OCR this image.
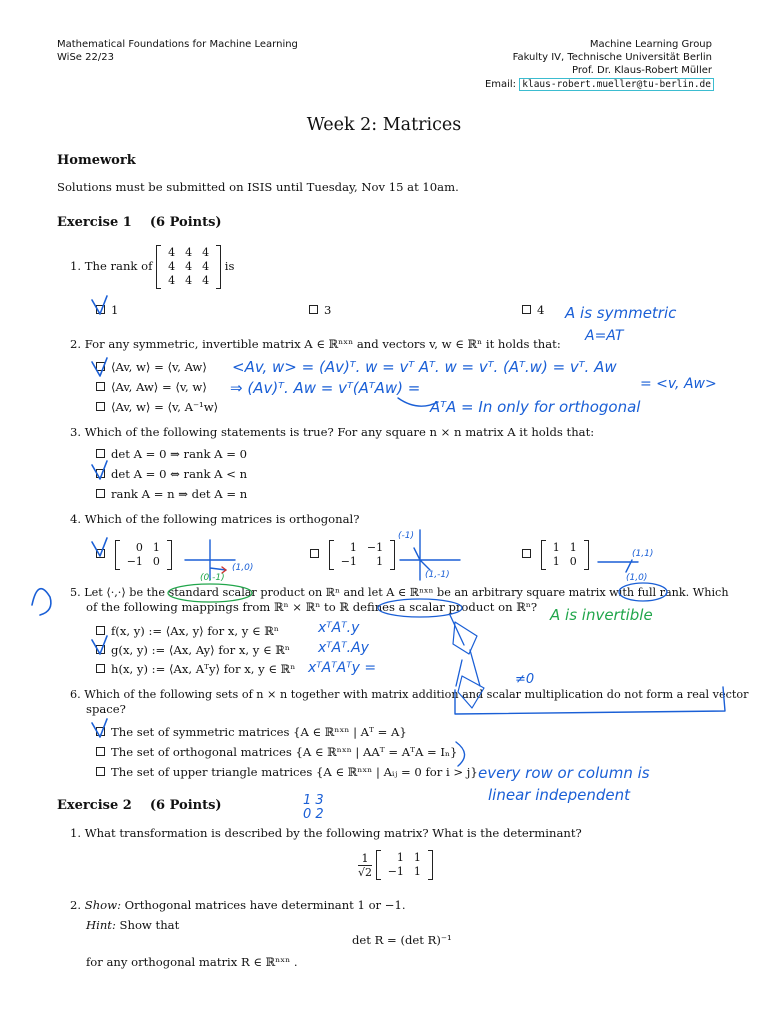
Mathematical Foundations for Machine Learning
WiSe 22/23
Machine Learning Group
Fakulty IV, Technische Universität Berlin
Prof. Dr. Klaus-Robert Müller
Email: klaus-robert.mueller@tu-berlin.de
Week 2: Matrices
Homework
Solutions must be submitted on ISIS until Tuesday, Nov 15 at 10am.
Exercise 1    (6 Points)
1. The rank of
4	4	4
4	4	4
4	4	4
is
1	3	4
2. For any symmetric, invertible matrix A ∈ ℝⁿˣⁿ and vectors v, w ∈ ℝⁿ it holds that:
⟨Av, w⟩ = ⟨v, Aw⟩
⟨Av, Aw⟩ = ⟨v, w⟩
⟨Av, w⟩ = ⟨v, A⁻¹w⟩
3. Which of the following statements is true? For any square n × n matrix A it holds that:
det A = 0 ⇒ rank A = 0
det A = 0 ⇔ rank A < n
rank A = n ⇒ det A = n
4. Which of the following matrices is orthogonal?

0	1
−1	0

1	−1
−1	1

1	1
1	0
5. Let ⟨·,·⟩ be the standard scalar product on ℝⁿ and let A ∈ ℝⁿˣⁿ be an arbitrary square matrix with full rank. Which
of the following mappings from ℝⁿ × ℝⁿ to ℝ defines a scalar product on ℝⁿ?
f(x, y) := ⟨Ax, y⟩ for x, y ∈ ℝⁿ
g(x, y) := ⟨Ax, Ay⟩ for x, y ∈ ℝⁿ
h(x, y) := ⟨Ax, Aᵀy⟩ for x, y ∈ ℝⁿ
6. Which of the following sets of n × n together with matrix addition and scalar multiplication do not form a real vector
space?
The set of symmetric matrices {A ∈ ℝⁿˣⁿ | Aᵀ = A}
The set of orthogonal matrices {A ∈ ℝⁿˣⁿ | AAᵀ = AᵀA = Iₙ}
The set of upper triangle matrices {A ∈ ℝⁿˣⁿ | Aᵢⱼ = 0 for i > j}
Exercise 2    (6 Points)
1. What transformation is described by the following matrix? What is the determinant?
$\frac{1}{√2}$
1	1
−1	1
2. Show: Orthogonal matrices have determinant 1 or −1.
Hint: Show that
det R = (det R)⁻¹
for any orthogonal matrix R ∈ ℝⁿˣⁿ .
A is symmetric
A=AT
<Av, w> = (Av)ᵀ. w = vᵀ Aᵀ. w = vᵀ. (Aᵀ.w) = vᵀ. Aw
= <v, Aw>
⇒ (Av)ᵀ. Aw = vᵀ(AᵀAw) =
AᵀA = In only for orthogonal
A is invertible
xᵀAᵀ.y
xᵀAᵀ.Ay
xᵀAᵀAᵀy =
every row or column is
linear independent
≠0
(-1)
(1,0)
(0,-1)	(1,-1)
(1,1)
(1,0)
1 3
0 2
